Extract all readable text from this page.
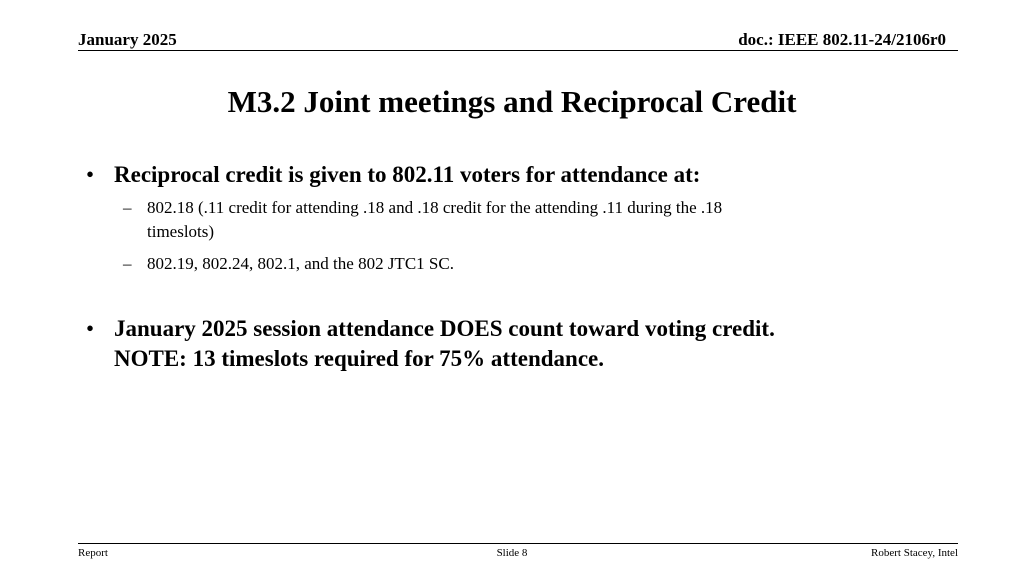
January 2025	doc.: IEEE 802.11-24/2106r0
M3.2 Joint meetings and Reciprocal Credit
• Reciprocal credit is given to 802.11 voters for attendance at:
– 802.18 (.11 credit for attending .18 and .18 credit for the attending .11 during the .18
timeslots)
– 802.19, 802.24, 802.1, and the 802 JTC1 SC.
• January 2025 session attendance DOES count toward voting credit.
NOTE: 13 timeslots required for 75% attendance.
Report	Slide 8	Robert Stacey, Intel
